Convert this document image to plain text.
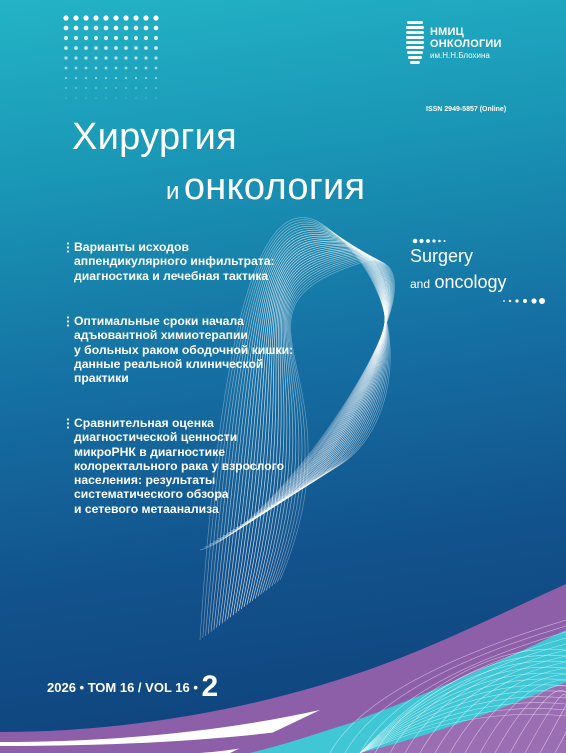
НМИЦ
ОНКОЛОГИИ
им.Н.Н.Блохина
ISSN 2949-5857 (Online)
Хирургия
и онкология
Surgery
and oncology
Варианты исходов
аппендикулярного инфильтрата:
диагностика и лечебная тактика
Оптимальные сроки начала
адъювантной химиотерапии
у больных раком ободочной кишки:
данные реальной клинической
практики
Сравнительная оценка
диагностической ценности
микроРНК в диагностике
колоректального рака у взрослого
населения: результаты
систематического обзора
и сетевого метаанализа
2026 • ТОМ 16 / VOL 16 • 2
